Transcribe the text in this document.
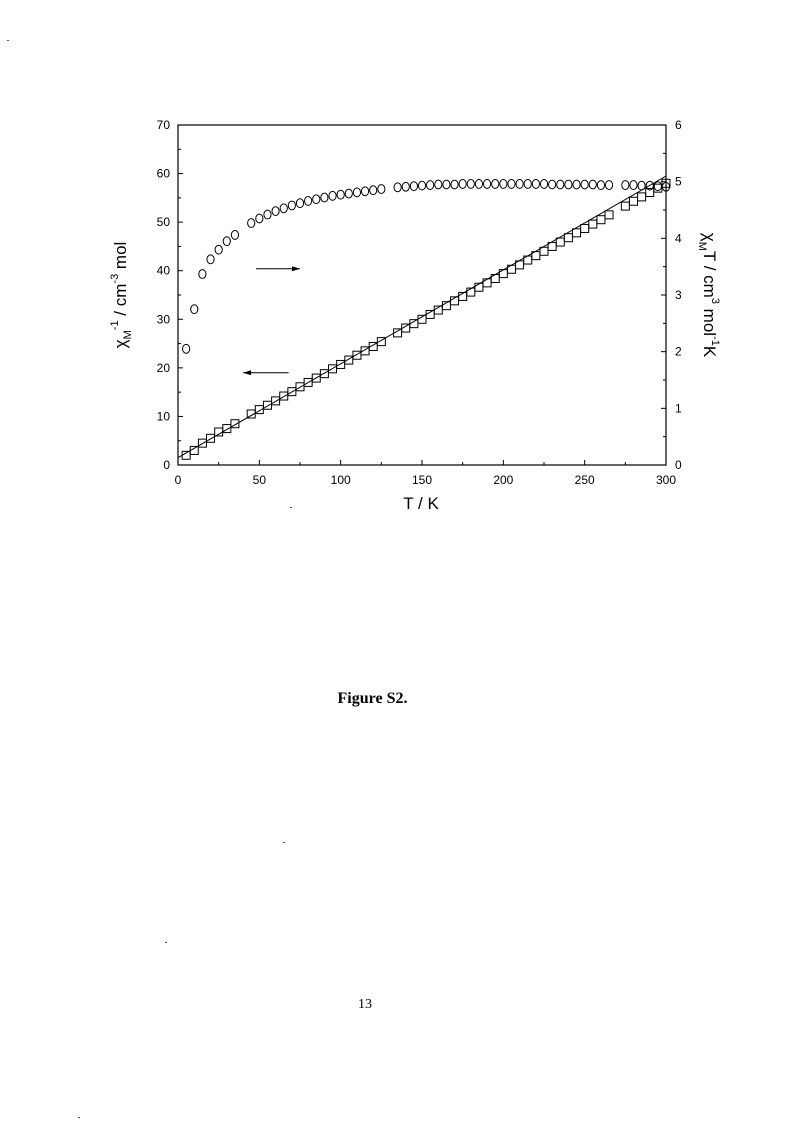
0	50	100	150	200	250	300
0
10
20
30
40
50
60
70
0
1
2
3
4
5
6
T / K
$\chi_M^{-1} / cm^{-3}$ mol
$\chi_MT / cm^3$ mol$^{-1}$K
Figure S2.
13
